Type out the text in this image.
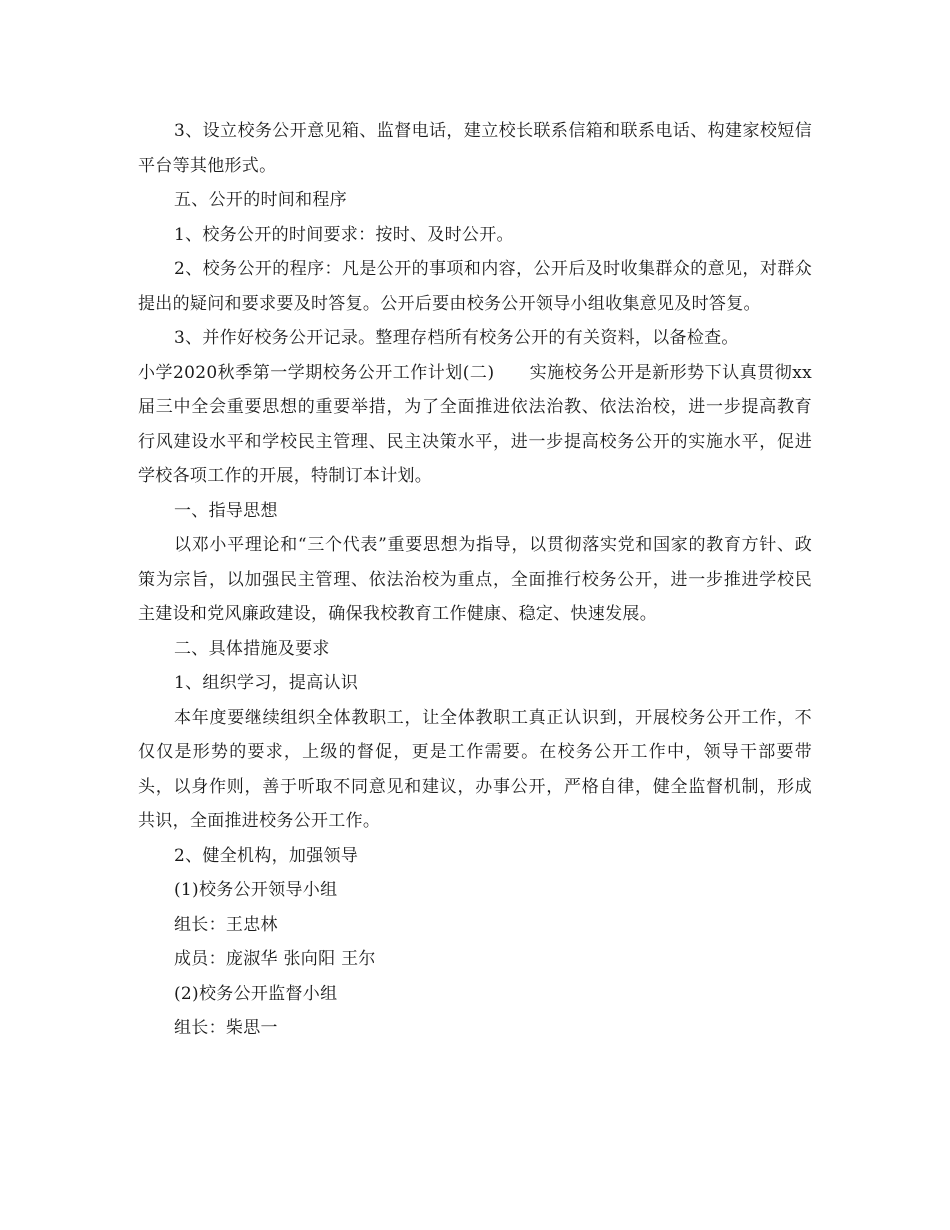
3、设立校务公开意见箱、监督电话，建立校长联系信箱和联系电话、构建家校短信平台等其他形式。

五、公开的时间和程序

1、校务公开的时间要求：按时、及时公开。

2、校务公开的程序：凡是公开的事项和内容，公开后及时收集群众的意见，对群众提出的疑问和要求要及时答复。公开后要由校务公开领导小组收集意见及时答复。

3、并作好校务公开记录。整理存档所有校务公开的有关资料，以备检查。

小学2020秋季第一学期校务公开工作计划(二)　　实施校务公开是新形势下认真贯彻xx届三中全会重要思想的重要举措，为了全面推进依法治教、依法治校，进一步提高教育行风建设水平和学校民主管理、民主决策水平，进一步提高校务公开的实施水平，促进学校各项工作的开展，特制订本计划。

一、指导思想

以邓小平理论和“三个代表”重要思想为指导，以贯彻落实党和国家的教育方针、政策为宗旨，以加强民主管理、依法治校为重点，全面推行校务公开，进一步推进学校民主建设和党风廉政建设，确保我校教育工作健康、稳定、快速发展。

二、具体措施及要求

1、组织学习，提高认识

本年度要继续组织全体教职工，让全体教职工真正认识到，开展校务公开工作，不仅仅是形势的要求，上级的督促，更是工作需要。在校务公开工作中，领导干部要带头，以身作则，善于听取不同意见和建议，办事公开，严格自律，健全监督机制，形成共识，全面推进校务公开工作。

2、健全机构，加强领导

(1)校务公开领导小组

组长：王忠林

成员：庞淑华 张向阳 王尔

(2)校务公开监督小组

组长：柴思一
